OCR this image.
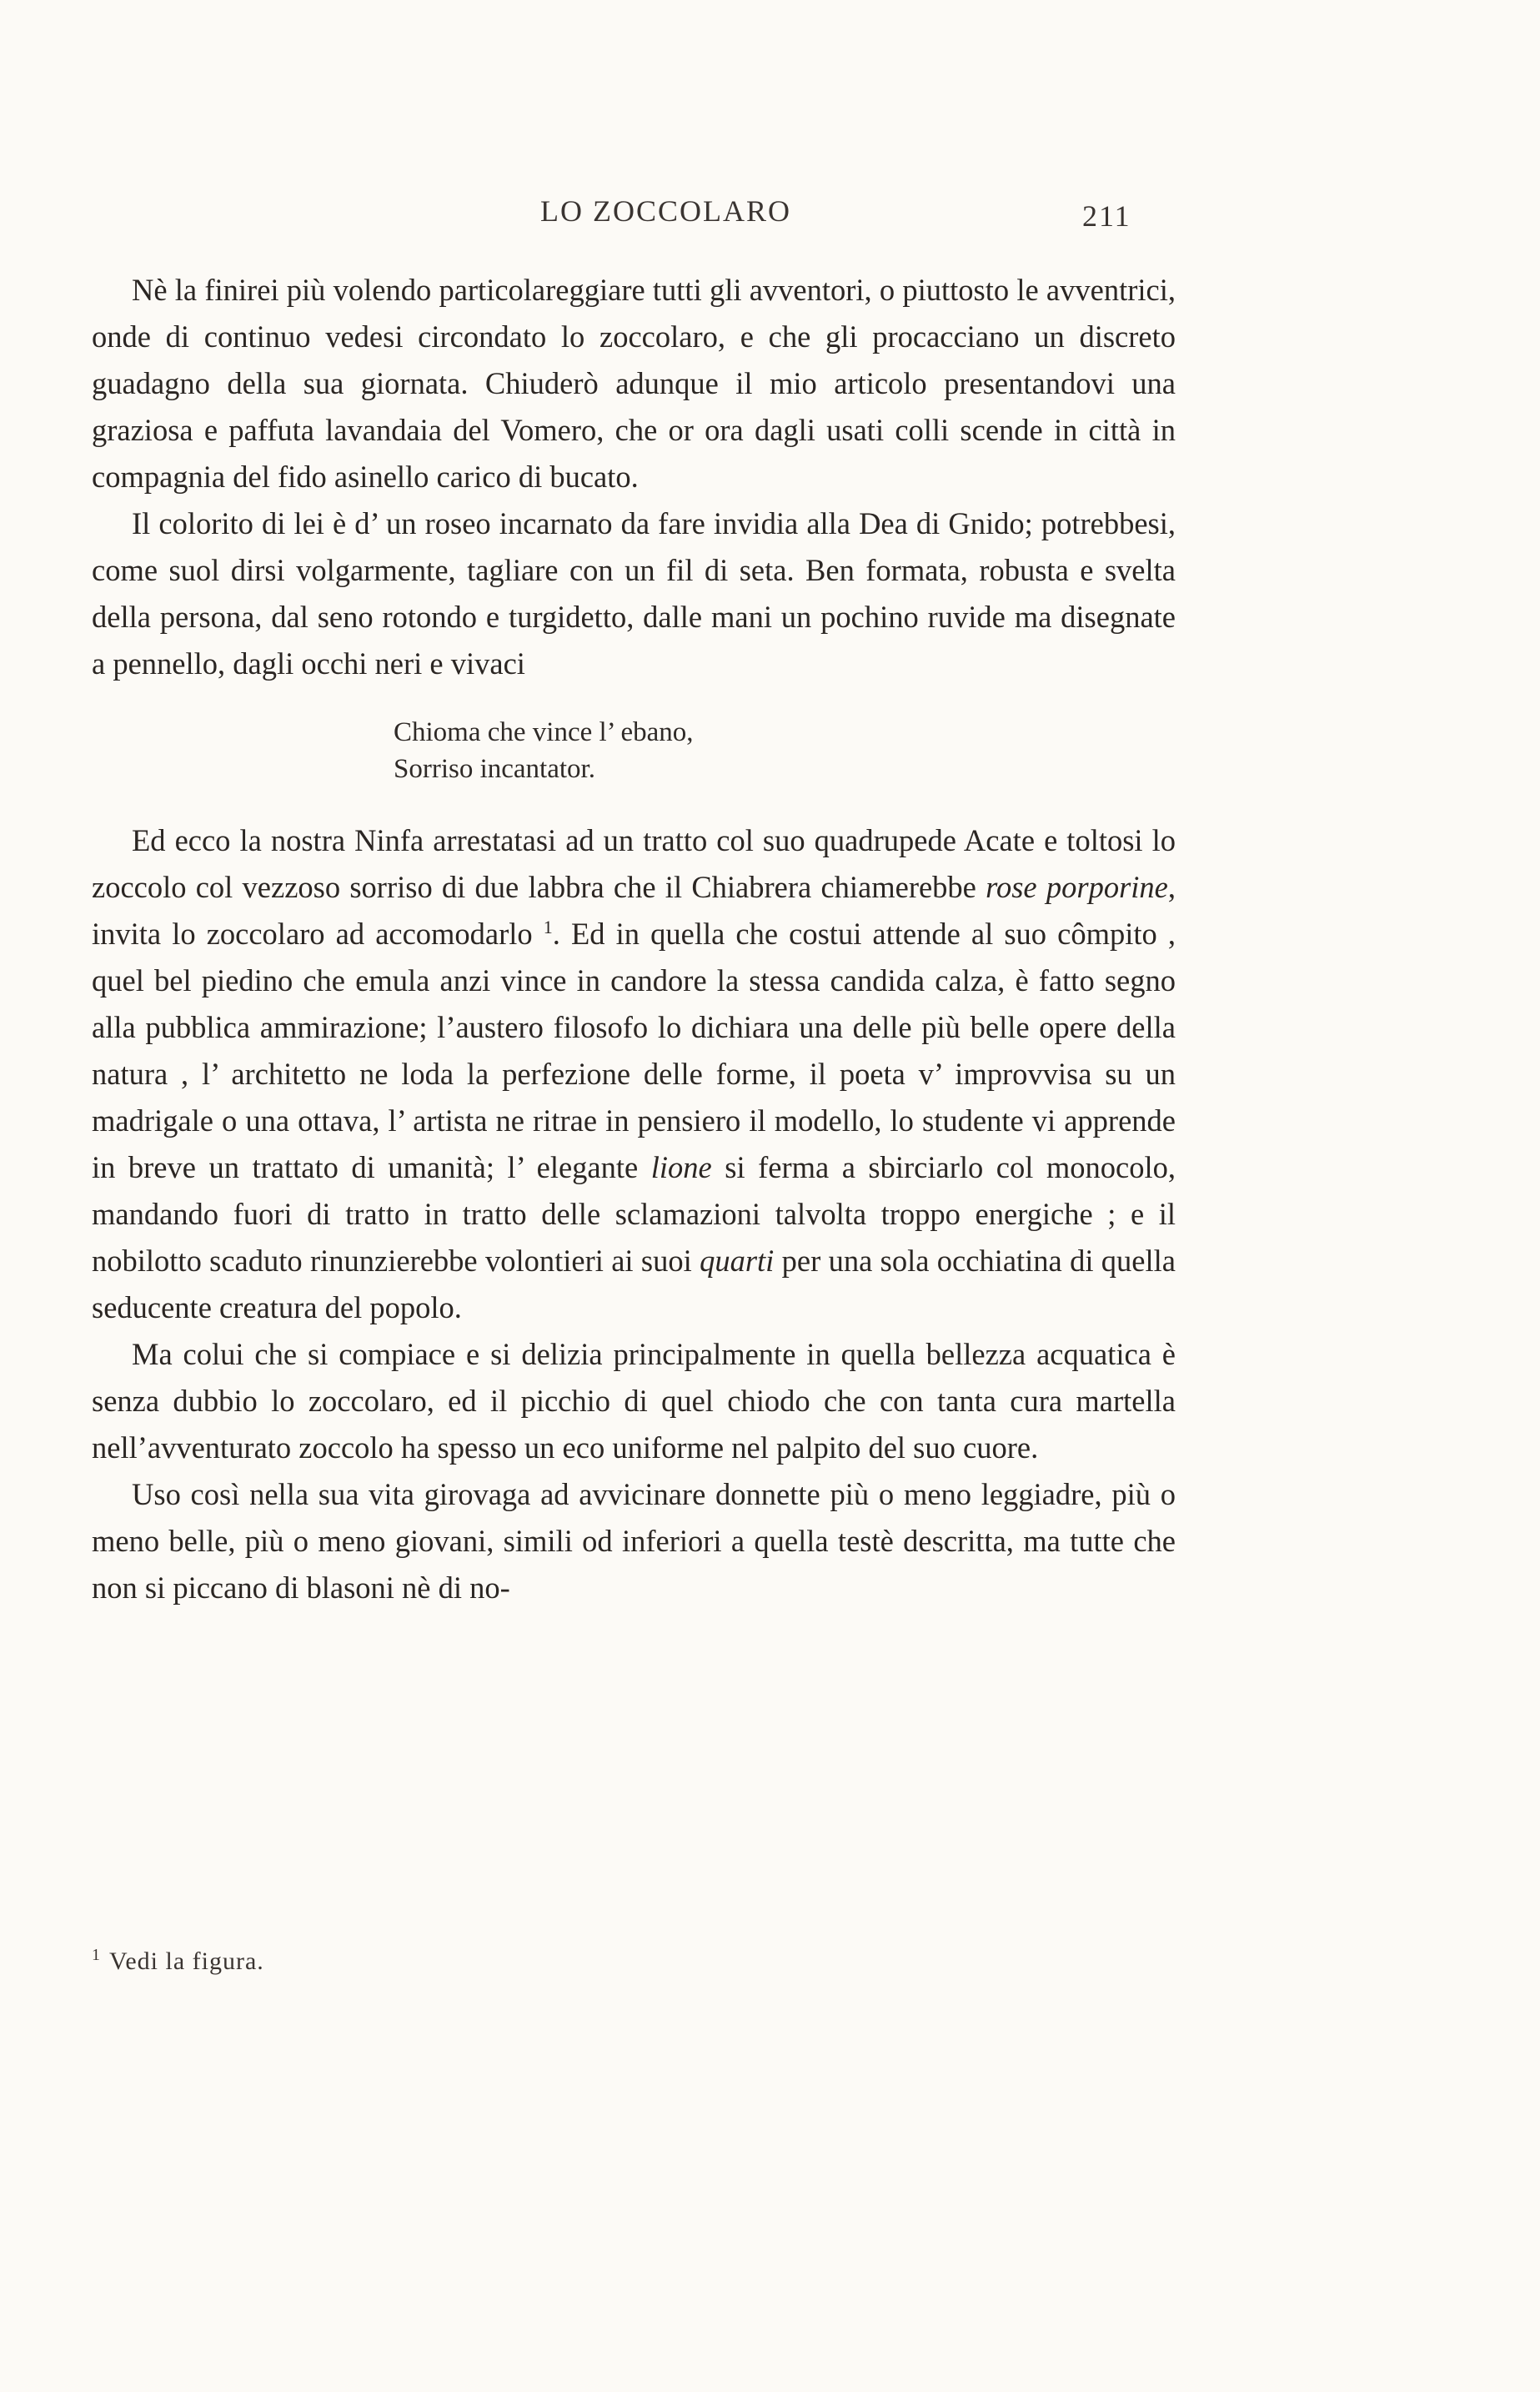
LO ZOCCOLARO	211

Nè la finirei più volendo particolareggiare tutti gli avventori, o piuttosto le avventrici, onde di continuo vedesi circondato lo zoccolaro, e che gli procacciano un discreto guadagno della sua giornata. Chiuderò adunque il mio articolo presentandovi una graziosa e paffuta lavandaia del Vomero, che or ora dagli usati colli scende in città in compagnia del fido asinello carico di bucato.

Il colorito di lei è d’ un roseo incarnato da fare invidia alla Dea di Gnido; potrebbesi, come suol dirsi volgarmente, tagliare con un fil di seta. Ben formata, robusta e svelta della persona, dal seno rotondo e turgidetto, dalle mani un pochino ruvide ma disegnate a pennello, dagli occhi neri e vivaci

Chioma che vince l’ ebano,
Sorriso incantator.

Ed ecco la nostra Ninfa arrestatasi ad un tratto col suo quadrupede Acate e toltosi lo zoccolo col vezzoso sorriso di due labbra che il Chiabrera chiamerebbe rose porporine, invita lo zoccolaro ad accomodarlo $^1$. Ed in quella che costui attende al suo cômpito , quel bel piedino che emula anzi vince in candore la stessa candida calza, è fatto segno alla pubblica ammirazione; l’austero filosofo lo dichiara una delle più belle opere della natura , l’ architetto ne loda la perfezione delle forme, il poeta v’ improvvisa su un madrigale o una ottava, l’ artista ne ritrae in pensiero il modello, lo studente vi apprende in breve un trattato di umanità; l’ elegante lione si ferma a sbirciarlo col monocolo, mandando fuori di tratto in tratto delle sclamazioni talvolta troppo energiche ; e il nobilotto scaduto rinunzierebbe volontieri ai suoi quarti per una sola occhiatina di quella seducente creatura del popolo.

Ma colui che si compiace e si delizia principalmente in quella bellezza acquatica è senza dubbio lo zoccolaro, ed il picchio di quel chiodo che con tanta cura martella nell’avventurato zoccolo ha spesso un eco uniforme nel palpito del suo cuore.

Uso così nella sua vita girovaga ad avvicinare donnette più o meno leggiadre, più o meno belle, più o meno giovani, simili od inferiori a quella testè descritta, ma tutte che non si piccano di blasoni nè di no-

$^1$ Vedi la figura.
